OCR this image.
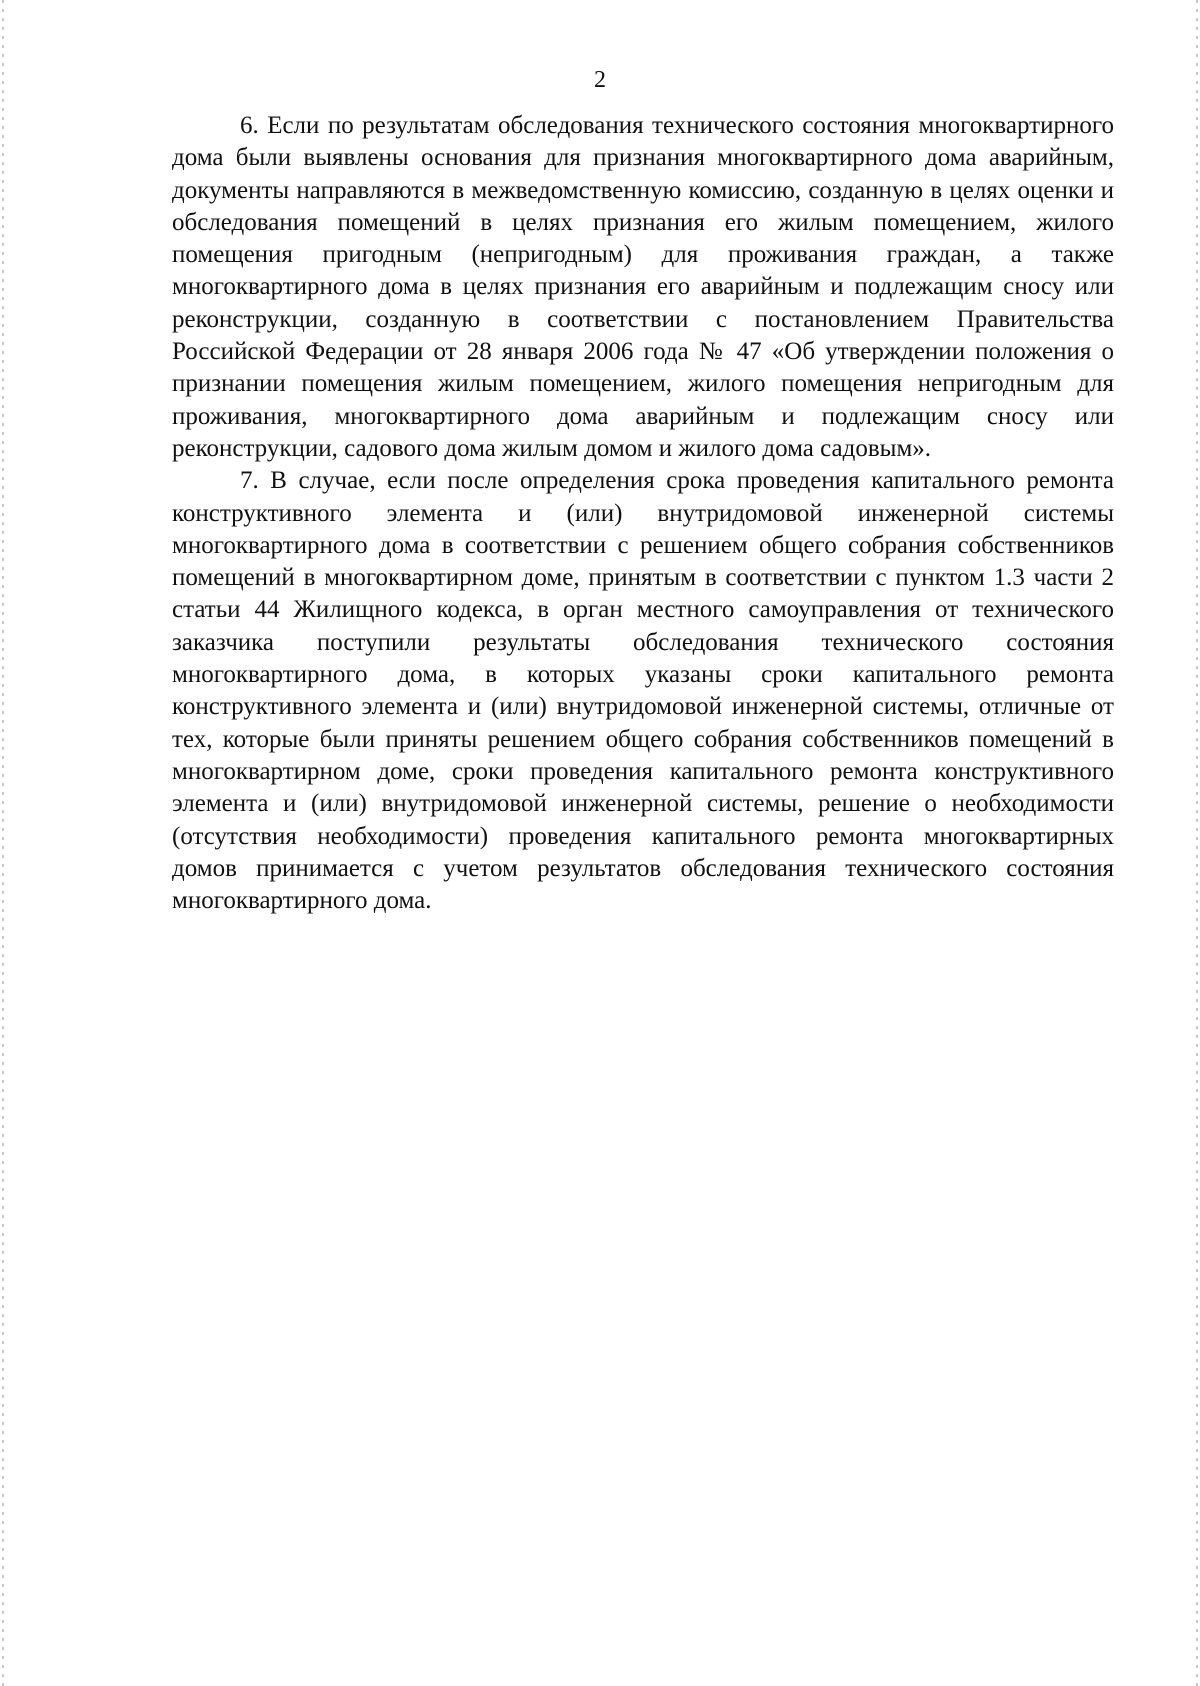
2

6. Если по результатам обследования технического состояния многоквартирного дома были выявлены основания для признания многоквартирного дома аварийным, документы направляются в межведомственную комиссию, созданную в целях оценки и обследования помещений в целях признания его жилым помещением, жилого помещения пригодным (непригодным) для проживания граждан, а также многоквартирного дома в целях признания его аварийным и подлежащим сносу или реконструкции, созданную в соответствии с постановлением Правительства Российской Федерации от 28 января 2006 года № 47 «Об утверждении положения о признании помещения жилым помещением, жилого помещения непригодным для проживания, многоквартирного дома аварийным и подлежащим сносу или реконструкции, садового дома жилым домом и жилого дома садовым».

7. В случае, если после определения срока проведения капитального ремонта конструктивного элемента и (или) внутридомовой инженерной системы многоквартирного дома в соответствии с решением общего собрания собственников помещений в многоквартирном доме, принятым в соответствии с пунктом 1.3 части 2 статьи 44 Жилищного кодекса, в орган местного самоуправления от технического заказчика поступили результаты обследования технического состояния многоквартирного дома, в которых указаны сроки капитального ремонта конструктивного элемента и (или) внутридомовой инженерной системы, отличные от тех, которые были приняты решением общего собрания собственников помещений в многоквартирном доме, сроки проведения капитального ремонта конструктивного элемента и (или) внутридомовой инженерной системы, решение о необходимости (отсутствия необходимости) проведения капитального ремонта многоквартирных домов принимается с учетом результатов обследования технического состояния многоквартирного дома.
